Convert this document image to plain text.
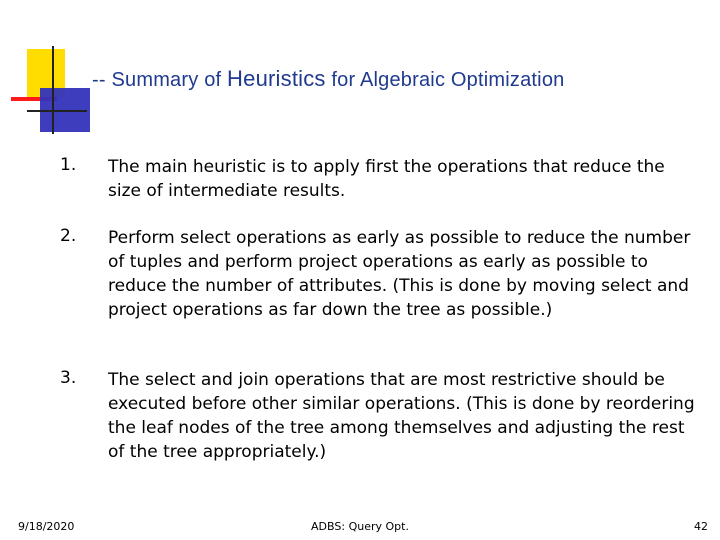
-- Summary of Heuristics for Algebraic Optimization
1. The main heuristic is to apply first the operations that reduce the size of intermediate results.
2. Perform select operations as early as possible to reduce the number of tuples and perform project operations as early as possible to reduce the number of attributes. (This is done by moving select and project operations as far down the tree as possible.)
3. The select and join operations that are most restrictive should be executed before other similar operations. (This is done by reordering the leaf nodes of the tree among themselves and adjusting the rest of the tree appropriately.)
9/18/2020	ADBS: Query Opt.	42
